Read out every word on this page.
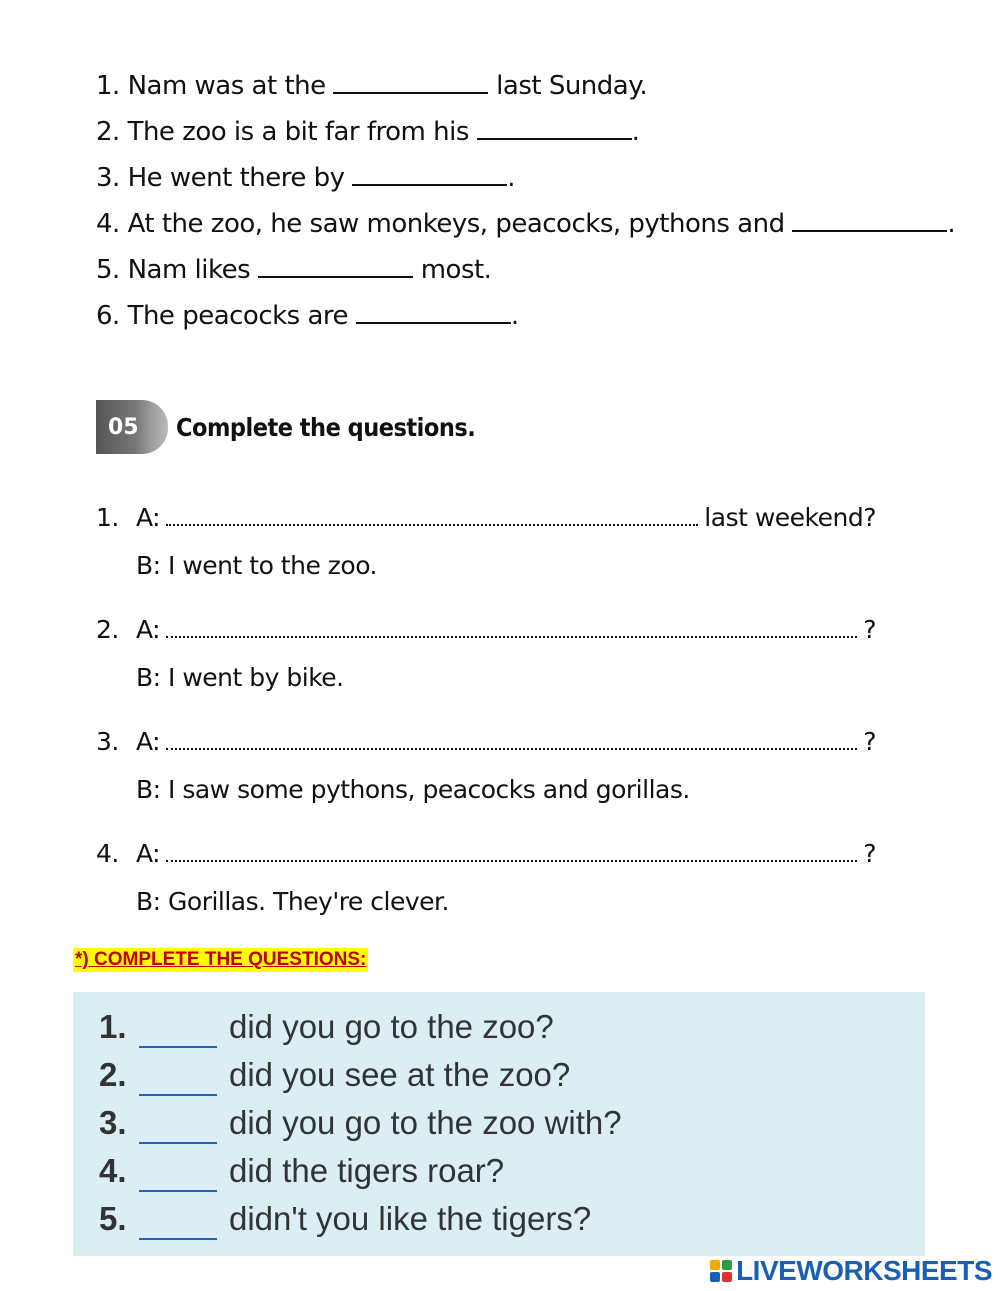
1. Nam was at the	last Sunday.
2. The zoo is a bit far from his	.
3. He went there by	.
4. At the zoo, he saw monkeys, peacocks, pythons and	.
5. Nam likes	most.
6. The peacocks are	.
05	Complete the questions.
1. A:	last weekend?
B: I went to the zoo.
2. A:	?
B: I went by bike.
3. A:	?
B: I saw some pythons, peacocks and gorillas.
4. A:	?
B: Gorillas. They're clever.
*) COMPLETE THE QUESTIONS:
1.	did you go to the zoo?
2.	did you see at the zoo?
3.	did you go to the zoo with?
4.	did the tigers roar?
5.	didn't you like the tigers?
LIVEWORKSHEETS
